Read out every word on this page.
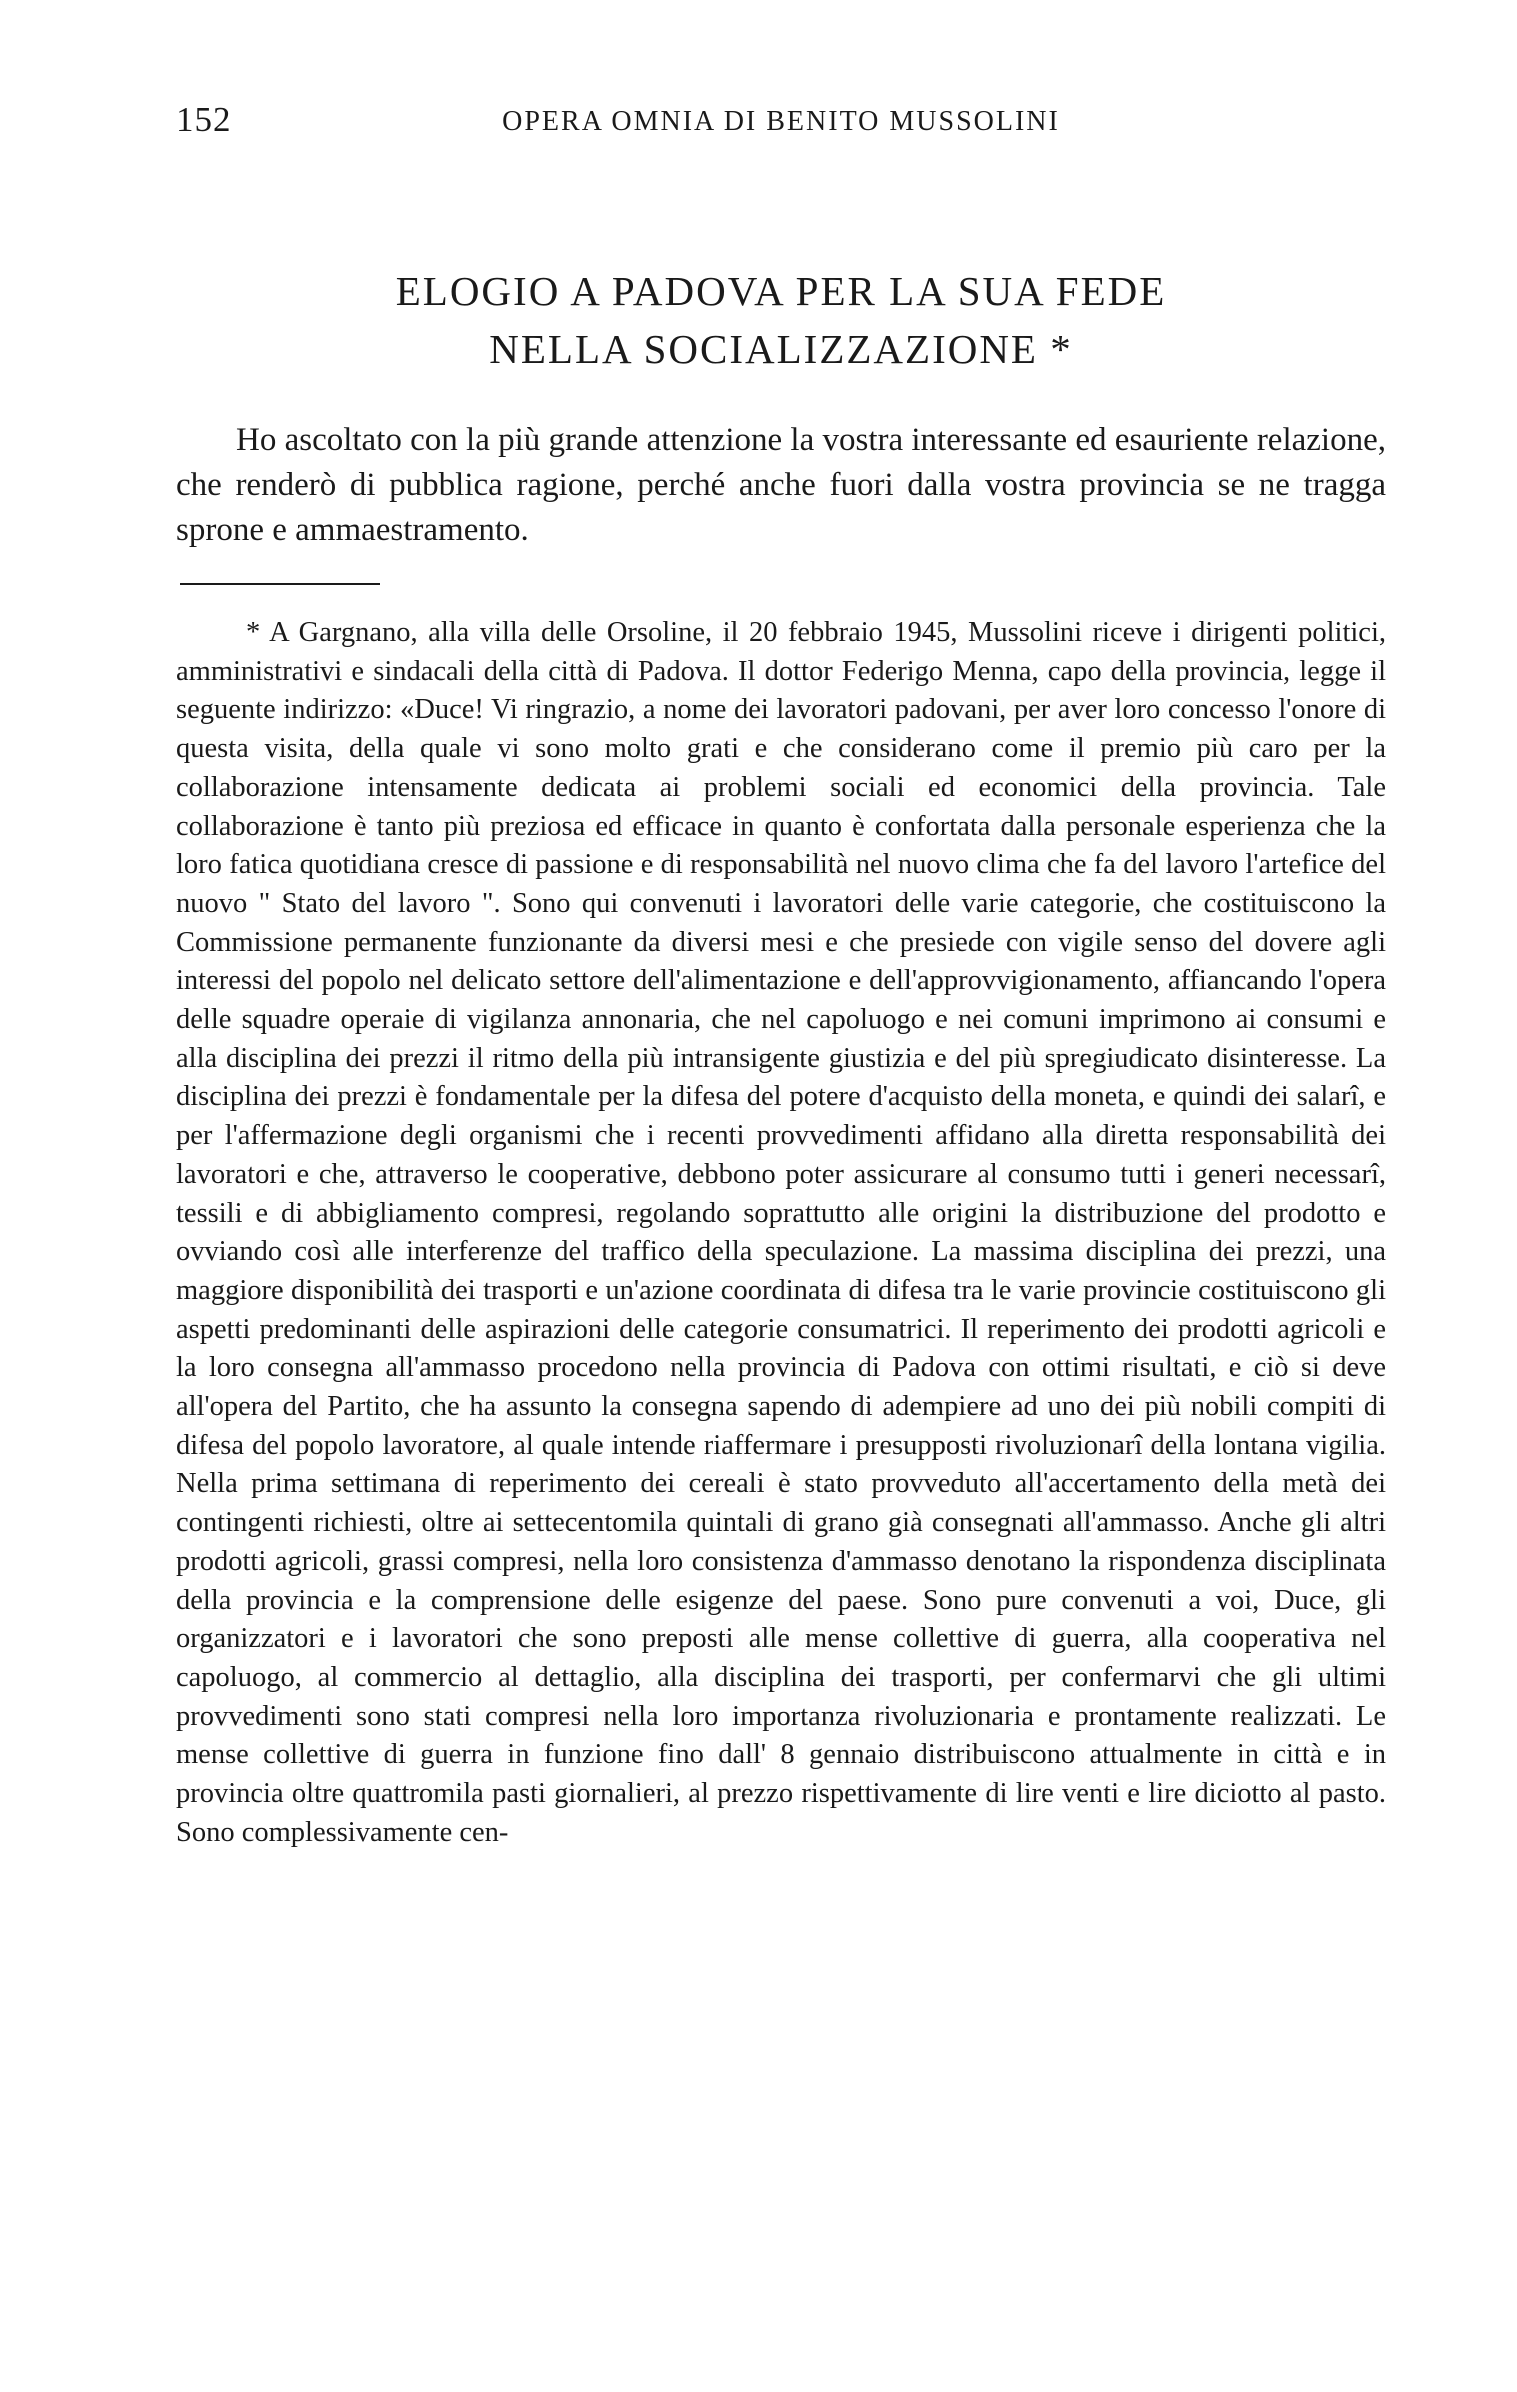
152	OPERA OMNIA DI BENITO MUSSOLINI
ELOGIO A PADOVA PER LA SUA FEDE
NELLA SOCIALIZZAZIONE *

Ho ascoltato con la più grande attenzione la vostra interessante ed esauriente relazione, che renderò di pubblica ragione, perché anche fuori dalla vostra provincia se ne tragga sprone e ammaestramento.

* A Gargnano, alla villa delle Orsoline, il 20 febbraio 1945, Mussolini riceve i dirigenti politici, amministrativi e sindacali della città di Padova. Il dottor Federigo Menna, capo della provincia, legge il seguente indirizzo: «Duce! Vi ringrazio, a nome dei lavoratori padovani, per aver loro concesso l'onore di questa visita, della quale vi sono molto grati e che considerano come il premio più caro per la collaborazione intensamente dedicata ai problemi sociali ed economici della provincia. Tale collaborazione è tanto più preziosa ed efficace in quanto è confortata dalla personale esperienza che la loro fatica quotidiana cresce di passione e di responsabilità nel nuovo clima che fa del lavoro l'artefice del nuovo " Stato del lavoro ". Sono qui convenuti i lavoratori delle varie categorie, che costituiscono la Commissione permanente funzionante da diversi mesi e che presiede con vigile senso del dovere agli interessi del popolo nel delicato settore dell'alimentazione e dell'approvvigionamento, affiancando l'opera delle squadre operaie di vigilanza annonaria, che nel capoluogo e nei comuni imprimono ai consumi e alla disciplina dei prezzi il ritmo della più intransigente giustizia e del più spregiudicato disinteresse. La disciplina dei prezzi è fondamentale per la difesa del potere d'acquisto della moneta, e quindi dei salarî, e per l'affermazione degli organismi che i recenti provvedimenti affidano alla diretta responsabilità dei lavoratori e che, attraverso le cooperative, debbono poter assicurare al consumo tutti i generi necessarî, tessili e di abbigliamento compresi, regolando soprattutto alle origini la distribuzione del prodotto e ovviando così alle interferenze del traffico della speculazione. La massima disciplina dei prezzi, una maggiore disponibilità dei trasporti e un'azione coordinata di difesa tra le varie provincie costituiscono gli aspetti predominanti delle aspirazioni delle categorie consumatrici. Il reperimento dei prodotti agricoli e la loro consegna all'ammasso procedono nella provincia di Padova con ottimi risultati, e ciò si deve all'opera del Partito, che ha assunto la consegna sapendo di adempiere ad uno dei più nobili compiti di difesa del popolo lavoratore, al quale intende riaffermare i presupposti rivoluzionarî della lontana vigilia. Nella prima settimana di reperimento dei cereali è stato provveduto all'accertamento della metà dei contingenti richiesti, oltre ai settecentomila quintali di grano già consegnati all'ammasso. Anche gli altri prodotti agricoli, grassi compresi, nella loro consistenza d'ammasso denotano la rispondenza disciplinata della provincia e la comprensione delle esigenze del paese. Sono pure convenuti a voi, Duce, gli organizzatori e i lavoratori che sono preposti alle mense collettive di guerra, alla cooperativa nel capoluogo, al commercio al dettaglio, alla disciplina dei trasporti, per confermarvi che gli ultimi provvedimenti sono stati compresi nella loro importanza rivoluzionaria e prontamente realizzati. Le mense collettive di guerra in funzione fino dall' 8 gennaio distribuiscono attualmente in città e in provincia oltre quattromila pasti giornalieri, al prezzo rispettivamente di lire venti e lire diciotto al pasto. Sono complessivamente cen-
